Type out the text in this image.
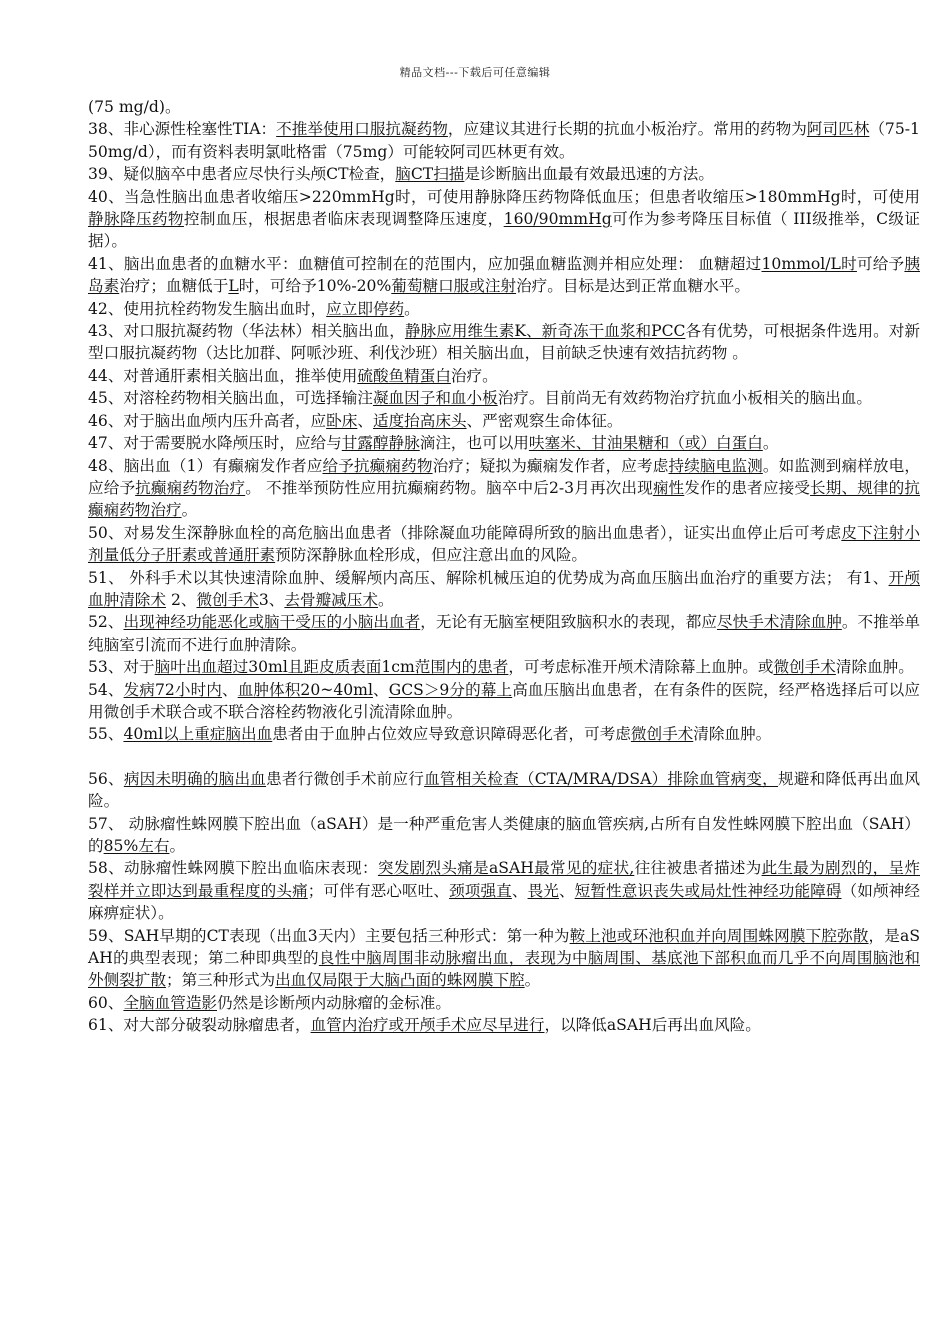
精品文档---下载后可任意编辑

(75 mg/d)。

38、非心源性栓塞性TIA：不推举使用口服抗凝药物，应建议其进行长期的抗血小板治疗。常用的药物为阿司匹林（75-150mg/d），而有资料表明氯吡格雷（75mg）可能较阿司匹林更有效。

39、疑似脑卒中患者应尽快行头颅CT检查，脑CT扫描是诊断脑出血最有效最迅速的方法。

40、当急性脑出血患者收缩压>220mmHg时，可使用静脉降压药物降低血压；但患者收缩压>180mmHg时，可使用静脉降压药物控制血压，根据患者临床表现调整降压速度，160/90mmHg可作为参考降压目标值（ III级推举，C级证据）。

41、脑出血患者的血糖水平：血糖值可控制在的范围内，应加强血糖监测并相应处理： 血糖超过10mmol/L时可给予胰岛素治疗；血糖低于L时，可给予10%-20%葡萄糖口服或注射治疗。目标是达到正常血糖水平。

42、使用抗栓药物发生脑出血时，应立即停药。

43、对口服抗凝药物（华法林）相关脑出血，静脉应用维生素K、新奇冻干血浆和PCC各有优势，可根据条件选用。对新型口服抗凝药物（达比加群、阿哌沙班、利伐沙班）相关脑出血，目前缺乏快速有效拮抗药物 。

44、对普通肝素相关脑出血，推举使用硫酸鱼精蛋白治疗。

45、对溶栓药物相关脑出血，可选择输注凝血因子和血小板治疗。目前尚无有效药物治疗抗血小板相关的脑出血。

46、对于脑出血颅内压升高者，应卧床、适度抬高床头、严密观察生命体征。

47、对于需要脱水降颅压时，应给与甘露醇静脉滴注，也可以用呋塞米、甘油果糖和（或）白蛋白。

48、脑出血（1）有癫痫发作者应给予抗癫痫药物治疗；疑拟为癫痫发作者，应考虑持续脑电监测。如监测到痫样放电，应给予抗癫痫药物治疗。 不推举预防性应用抗癫痫药物。脑卒中后2-3月再次出现痫性发作的患者应接受长期、规律的抗癫痫药物治疗。

50、对易发生深静脉血栓的高危脑出血患者（排除凝血功能障碍所致的脑出血患者），证实出血停止后可考虑皮下注射小剂量低分子肝素或普通肝素预防深静脉血栓形成，但应注意出血的风险。

51、 外科手术以其快速清除血肿、缓解颅内高压、解除机械压迫的优势成为高血压脑出血治疗的重要方法； 有1、开颅血肿清除术 2、微创手术3、去骨瓣减压术。

52、出现神经功能恶化或脑干受压的小脑出血者，无论有无脑室梗阻致脑积水的表现，都应尽快手术清除血肿。不推举单纯脑室引流而不进行血肿清除。

53、对于脑叶出血超过30ml且距皮质表面1cm范围内的患者，可考虑标准开颅术清除幕上血肿。或微创手术清除血肿。

54、发病72小时内、血肿体积20~40ml、GCS＞9分的幕上高血压脑出血患者，在有条件的医院，经严格选择后可以应用微创手术联合或不联合溶栓药物液化引流清除血肿。

55、40ml以上重症脑出血患者由于血肿占位效应导致意识障碍恶化者，可考虑微创手术清除血肿。

56、病因未明确的脑出血患者行微创手术前应行血管相关检查（CTA/MRA/DSA）排除血管病变，规避和降低再出血风险。

57、 动脉瘤性蛛网膜下腔出血（aSAH）是一种严重危害人类健康的脑血管疾病,占所有自发性蛛网膜下腔出血（SAH）的85%左右。

58、动脉瘤性蛛网膜下腔出血临床表现：突发剧烈头痛是aSAH最常见的症状,往往被患者描述为此生最为剧烈的，呈炸裂样并立即达到最重程度的头痛；可伴有恶心呕吐、颈项强直、畏光、短暂性意识丧失或局灶性神经功能障碍（如颅神经麻痹症状）。

59、SAH早期的CT表现（出血3天内）主要包括三种形式：第一种为鞍上池或环池积血并向周围蛛网膜下腔弥散，是aSAH的典型表现；第二种即典型的良性中脑周围非动脉瘤出血，表现为中脑周围、基底池下部积血而几乎不向周围脑池和外侧裂扩散；第三种形式为出血仅局限于大脑凸面的蛛网膜下腔。

60、全脑血管造影仍然是诊断颅内动脉瘤的金标准。

61、对大部分破裂动脉瘤患者，血管内治疗或开颅手术应尽早进行，以降低aSAH后再出血风险。
